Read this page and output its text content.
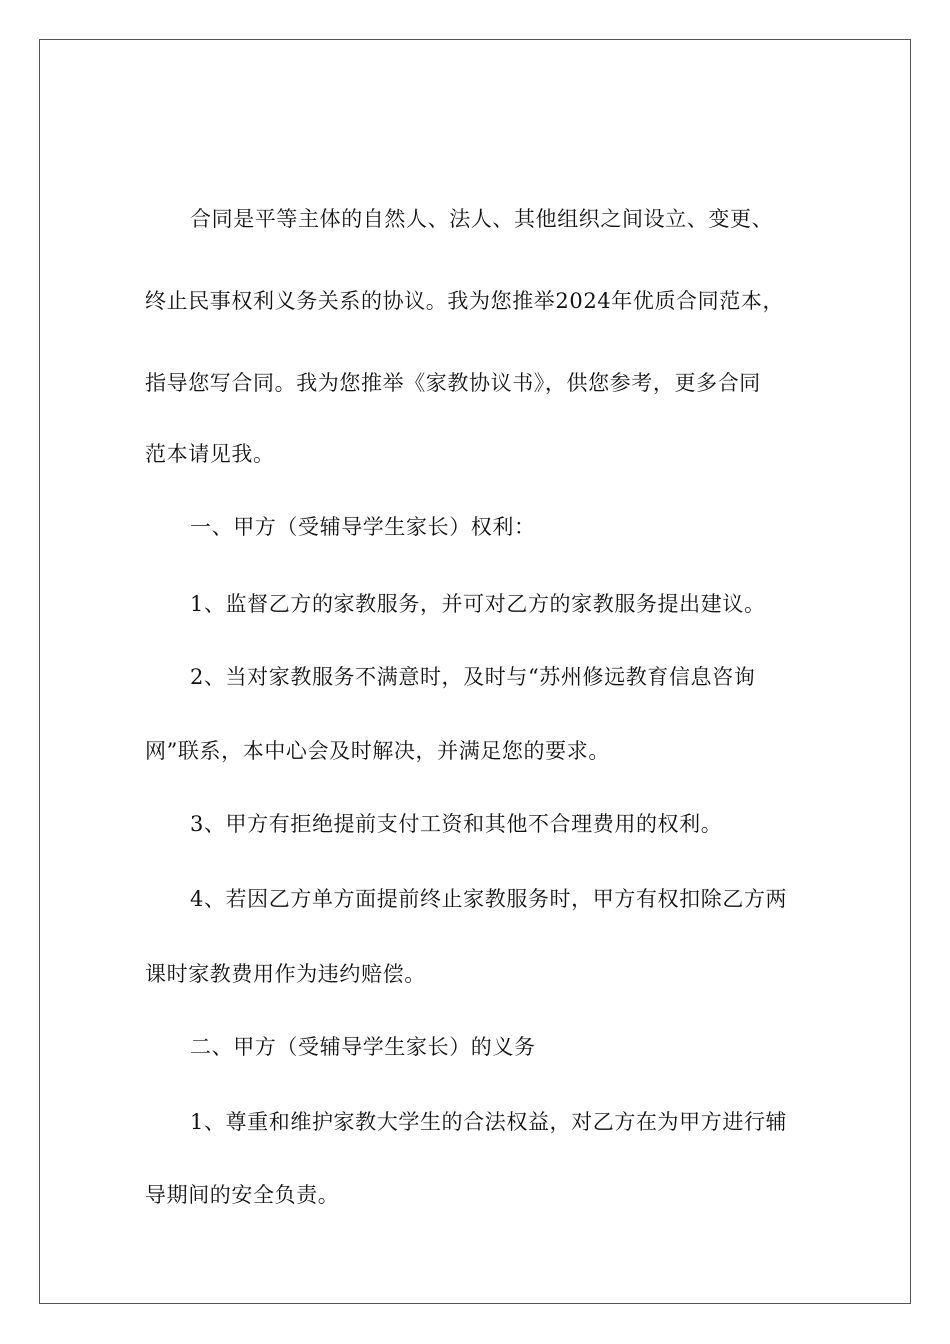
合同是平等主体的自然人、法人、其他组织之间设立、变更、
终止民事权利义务关系的协议。我为您推举2024年优质合同范本，
指导您写合同。我为您推举《家教协议书》，供您参考，更多合同
范本请见我。
一、甲方（受辅导学生家长）权利：
1、监督乙方的家教服务，并可对乙方的家教服务提出建议。
2、当对家教服务不满意时，及时与“苏州修远教育信息咨询
网”联系，本中心会及时解决，并满足您的要求。
3、甲方有拒绝提前支付工资和其他不合理费用的权利。
4、若因乙方单方面提前终止家教服务时，甲方有权扣除乙方两
课时家教费用作为违约赔偿。
二、甲方（受辅导学生家长）的义务
1、尊重和维护家教大学生的合法权益，对乙方在为甲方进行辅
导期间的安全负责。
